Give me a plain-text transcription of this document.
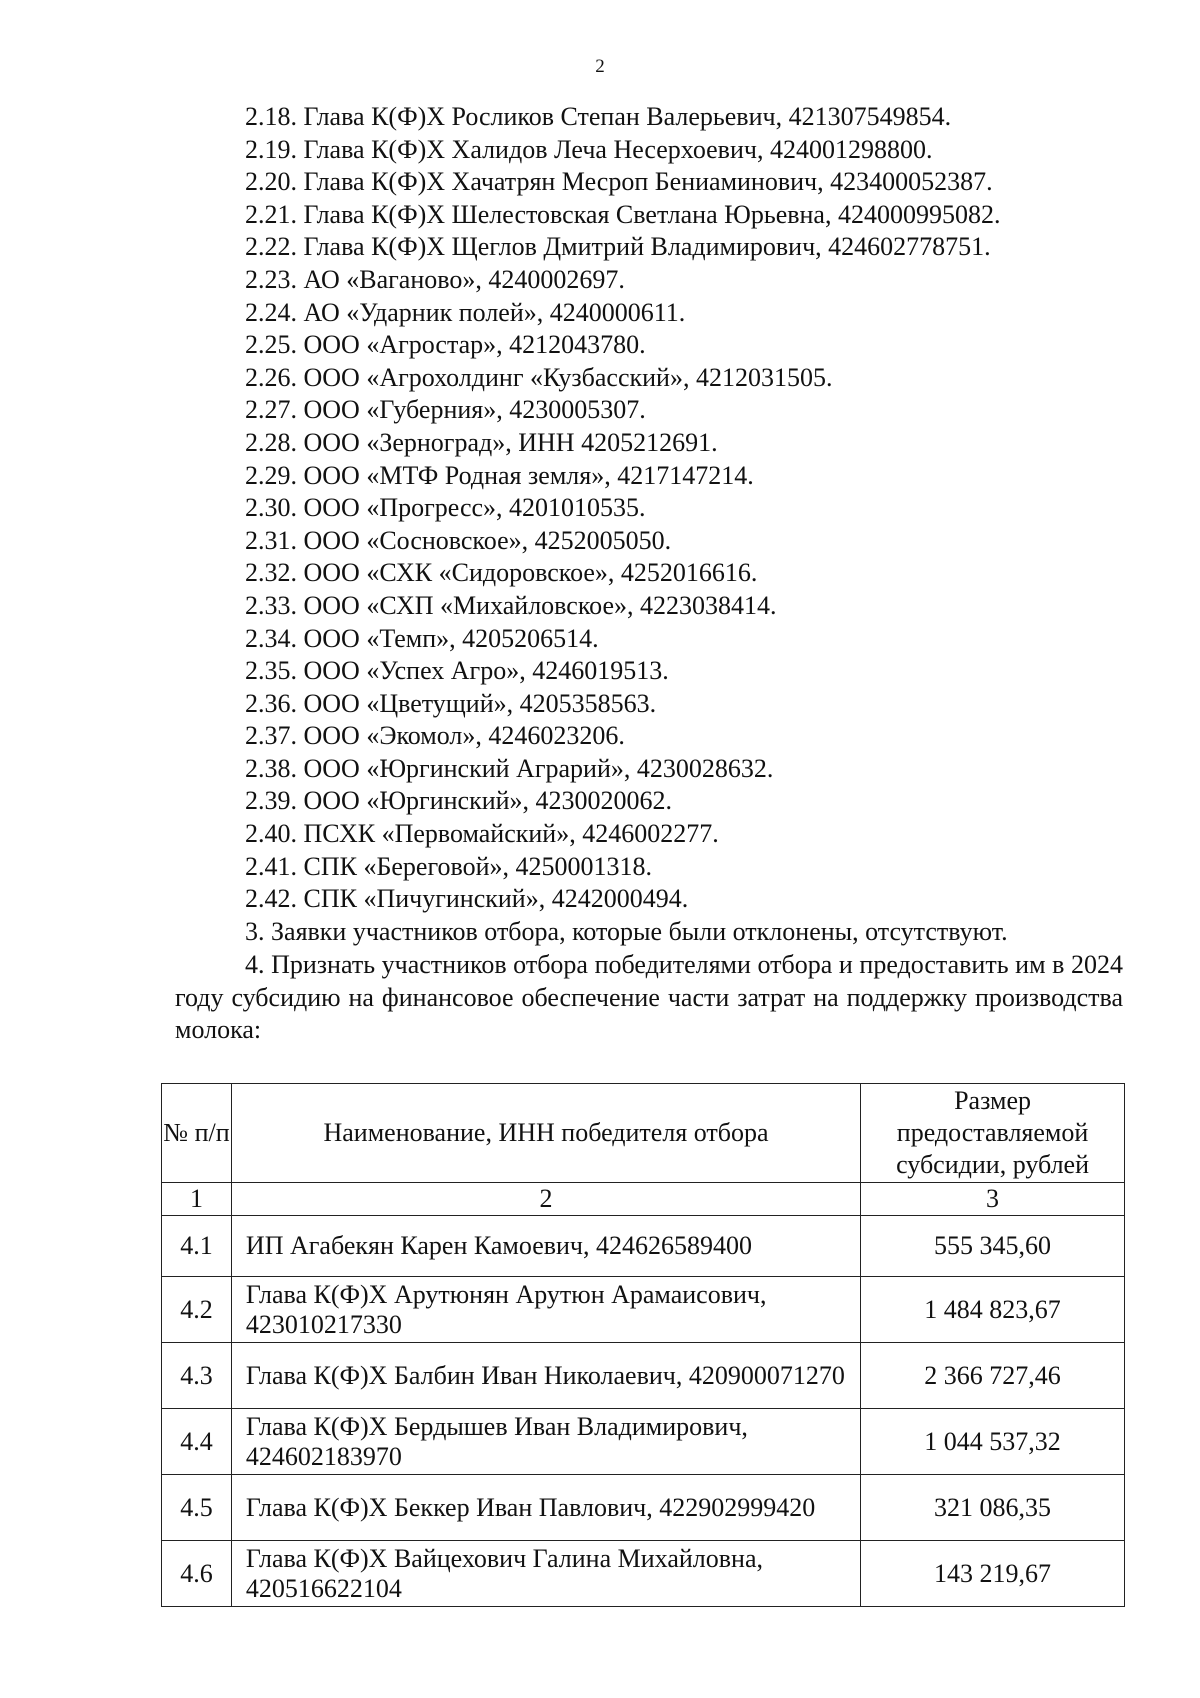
2
2.18. Глава К(Ф)Х Росликов Степан Валерьевич, 421307549854.
2.19. Глава К(Ф)Х Халидов Леча Несерхоевич, 424001298800.
2.20. Глава К(Ф)Х Хачатрян Месроп Бениаминович, 423400052387.
2.21. Глава К(Ф)Х Шелестовская Светлана Юрьевна, 424000995082.
2.22. Глава К(Ф)Х Щеглов Дмитрий Владимирович, 424602778751.
2.23. АО «Ваганово», 4240002697.
2.24. АО «Ударник полей», 4240000611.
2.25. ООО «Агростар», 4212043780.
2.26. ООО «Агрохолдинг «Кузбасский», 4212031505.
2.27. ООО «Губерния», 4230005307.
2.28. ООО «Зерноград», ИНН 4205212691.
2.29. ООО «МТФ Родная земля», 4217147214.
2.30. ООО «Прогресс», 4201010535.
2.31. ООО «Сосновское», 4252005050.
2.32. ООО «СХК «Сидоровское», 4252016616.
2.33. ООО «СХП «Михайловское», 4223038414.
2.34. ООО «Темп», 4205206514.
2.35. ООО «Успех Агро», 4246019513.
2.36. ООО «Цветущий», 4205358563.
2.37. ООО «Экомол», 4246023206.
2.38. ООО «Юргинский Аграрий», 4230028632.
2.39. ООО «Юргинский», 4230020062.
2.40. ПСХК «Первомайский», 4246002277.
2.41. СПК «Береговой», 4250001318.
2.42. СПК «Пичугинский», 4242000494.

3. Заявки участников отбора, которые были отклонены, отсутствуют.

4. Признать участников отбора победителями отбора и предоставить им в 2024 году субсидию на финансовое обеспечение части затрат на поддержку производства молока:

№ п/п	Наименование, ИНН победителя отбора	Размер предоставляемой субсидии, рублей
1	2	3
4.1	ИП Агабекян Карен Камоевич, 424626589400	555 345,60
4.2	Глава К(Ф)Х Арутюнян Арутюн Арамаисович, 423010217330	1 484 823,67
4.3	Глава К(Ф)Х Балбин Иван Николаевич, 420900071270	2 366 727,46
4.4	Глава К(Ф)Х Бердышев Иван Владимирович, 424602183970	1 044 537,32
4.5	Глава К(Ф)Х Беккер Иван Павлович, 422902999420	321 086,35
4.6	Глава К(Ф)Х Вайцехович Галина Михайловна, 420516622104	143 219,67
